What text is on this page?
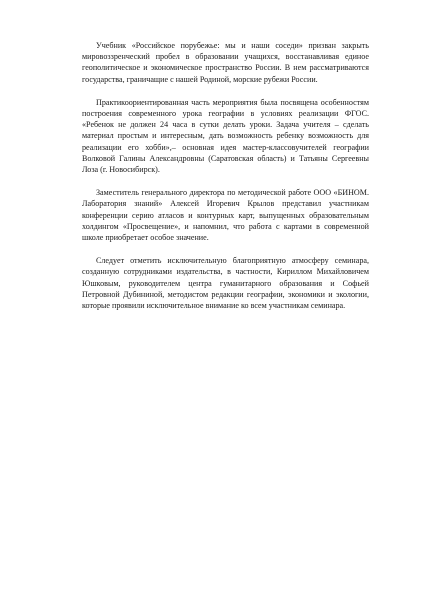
Учебник «Российское порубежье: мы и наши соседи» призван закрыть мировоззренческий пробел в образовании учащихся, восстанавливая единое геополитическое и экономическое пространство России. В нем рассматриваются государства, граничащие с нашей Родиной, морские рубежи России.

Практикоориентированная часть мероприятия была посвящена особенностям построения современного урока географии в условиях реализации ФГОС. «Ребенок не должен 24 часа в сутки делать уроки. Задача учителя – сделать материал простым и интересным, дать возможность ребенку возможность для реализации его хобби»,– основная идея мастер-классовучителей географии Волковой Галины Александровны (Саратовская область) и Татьяны Сергеевны Лоза (г. Новосибирск).

Заместитель генерального директора по методической работе ООО «БИНОМ. Лаборатория знаний» Алексей Игоревич Крылов представил участникам конференции серию атласов и контурных карт, выпущенных образовательным холдингом «Просвещение», и напомнил, что работа с картами в современной школе приобретает особое значение.

Следует отметить исключительную благоприятную атмосферу семинара, созданную сотрудниками издательства, в частности, Кириллом Михайловичем Юшковым, руководителем центра гуманитарного образования и Софьей Петровной Дубининой, методистом редакции географии, экономики и экологии, которые проявили исключительное внимание ко всем участникам семинара.
